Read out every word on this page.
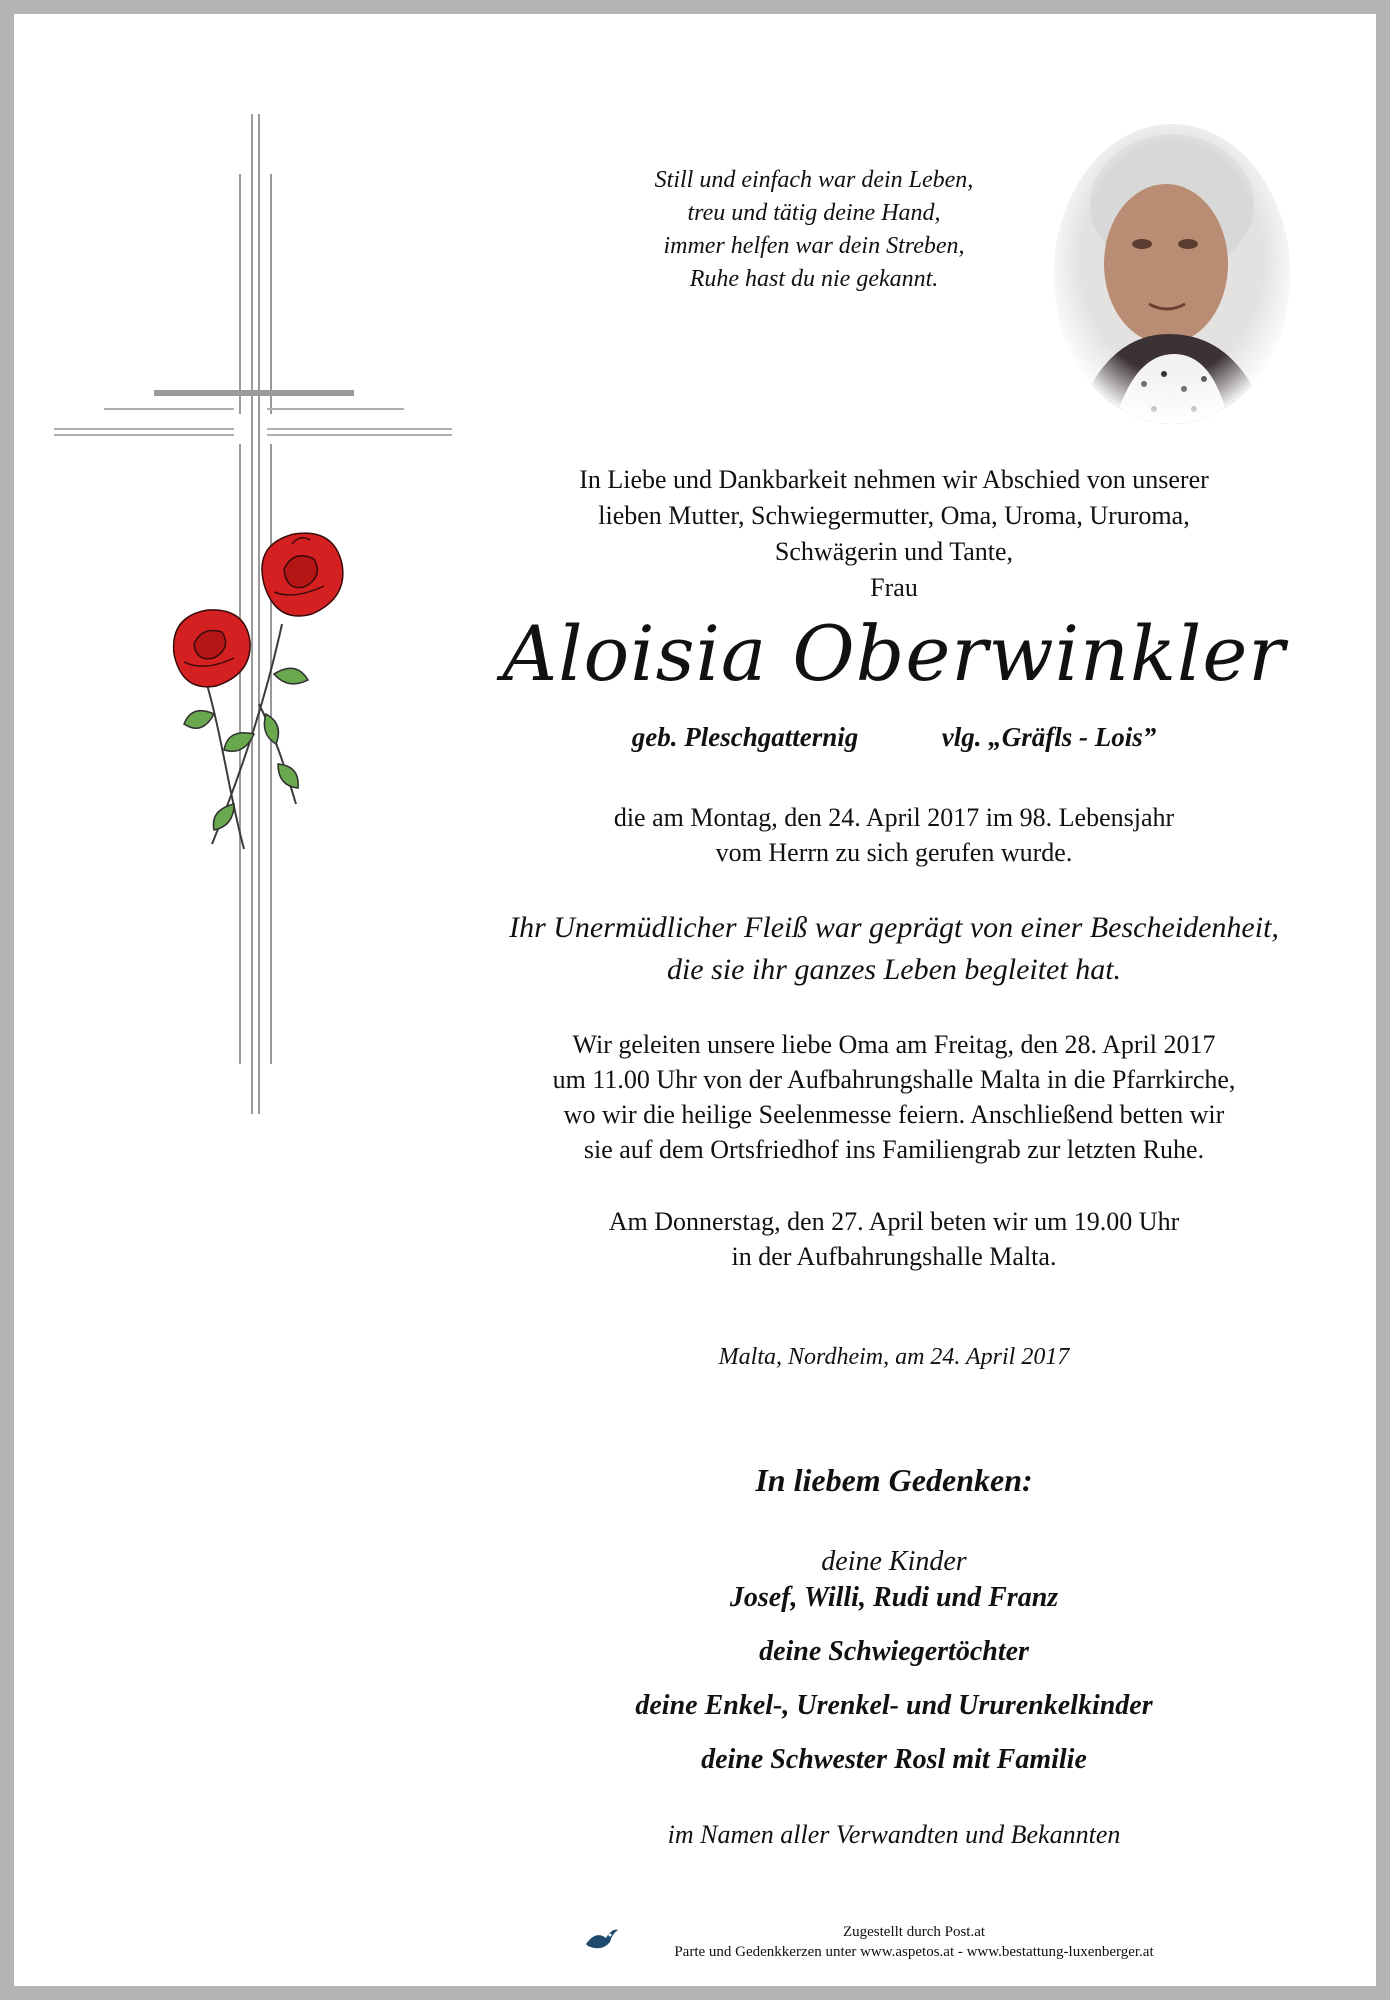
Still und einfach war dein Leben,
treu und tätig deine Hand,
immer helfen war dein Streben,
Ruhe hast du nie gekannt.
In Liebe und Dankbarkeit nehmen wir Abschied von unserer
lieben Mutter, Schwiegermutter, Oma, Uroma, Ururoma,
Schwägerin und Tante,
Frau
Aloisia Oberwinkler
geb. Pleschgatternig	vlg. „Gräfls - Lois”
die am Montag, den 24. April 2017 im 98. Lebensjahr
vom Herrn zu sich gerufen wurde.
Ihr Unermüdlicher Fleiß war geprägt von einer Bescheidenheit,
die sie ihr ganzes Leben begleitet hat.
Wir geleiten unsere liebe Oma am Freitag, den 28. April 2017
um 11.00 Uhr von der Aufbahrungshalle Malta in die Pfarrkirche,
wo wir die heilige Seelenmesse feiern. Anschließend betten wir
sie auf dem Ortsfriedhof ins Familiengrab zur letzten Ruhe.
Am Donnerstag, den 27. April beten wir um 19.00 Uhr
in der Aufbahrungshalle Malta.
Malta, Nordheim, am 24. April 2017
In liebem Gedenken:
deine Kinder
Josef, Willi, Rudi und Franz
deine Schwiegertöchter
deine Enkel-, Urenkel- und Ururenkelkinder
deine Schwester Rosl mit Familie
im Namen aller Verwandten und Bekannten
Zugestellt durch Post.at
Parte und Gedenkkerzen unter www.aspetos.at - www.bestattung-luxenberger.at
